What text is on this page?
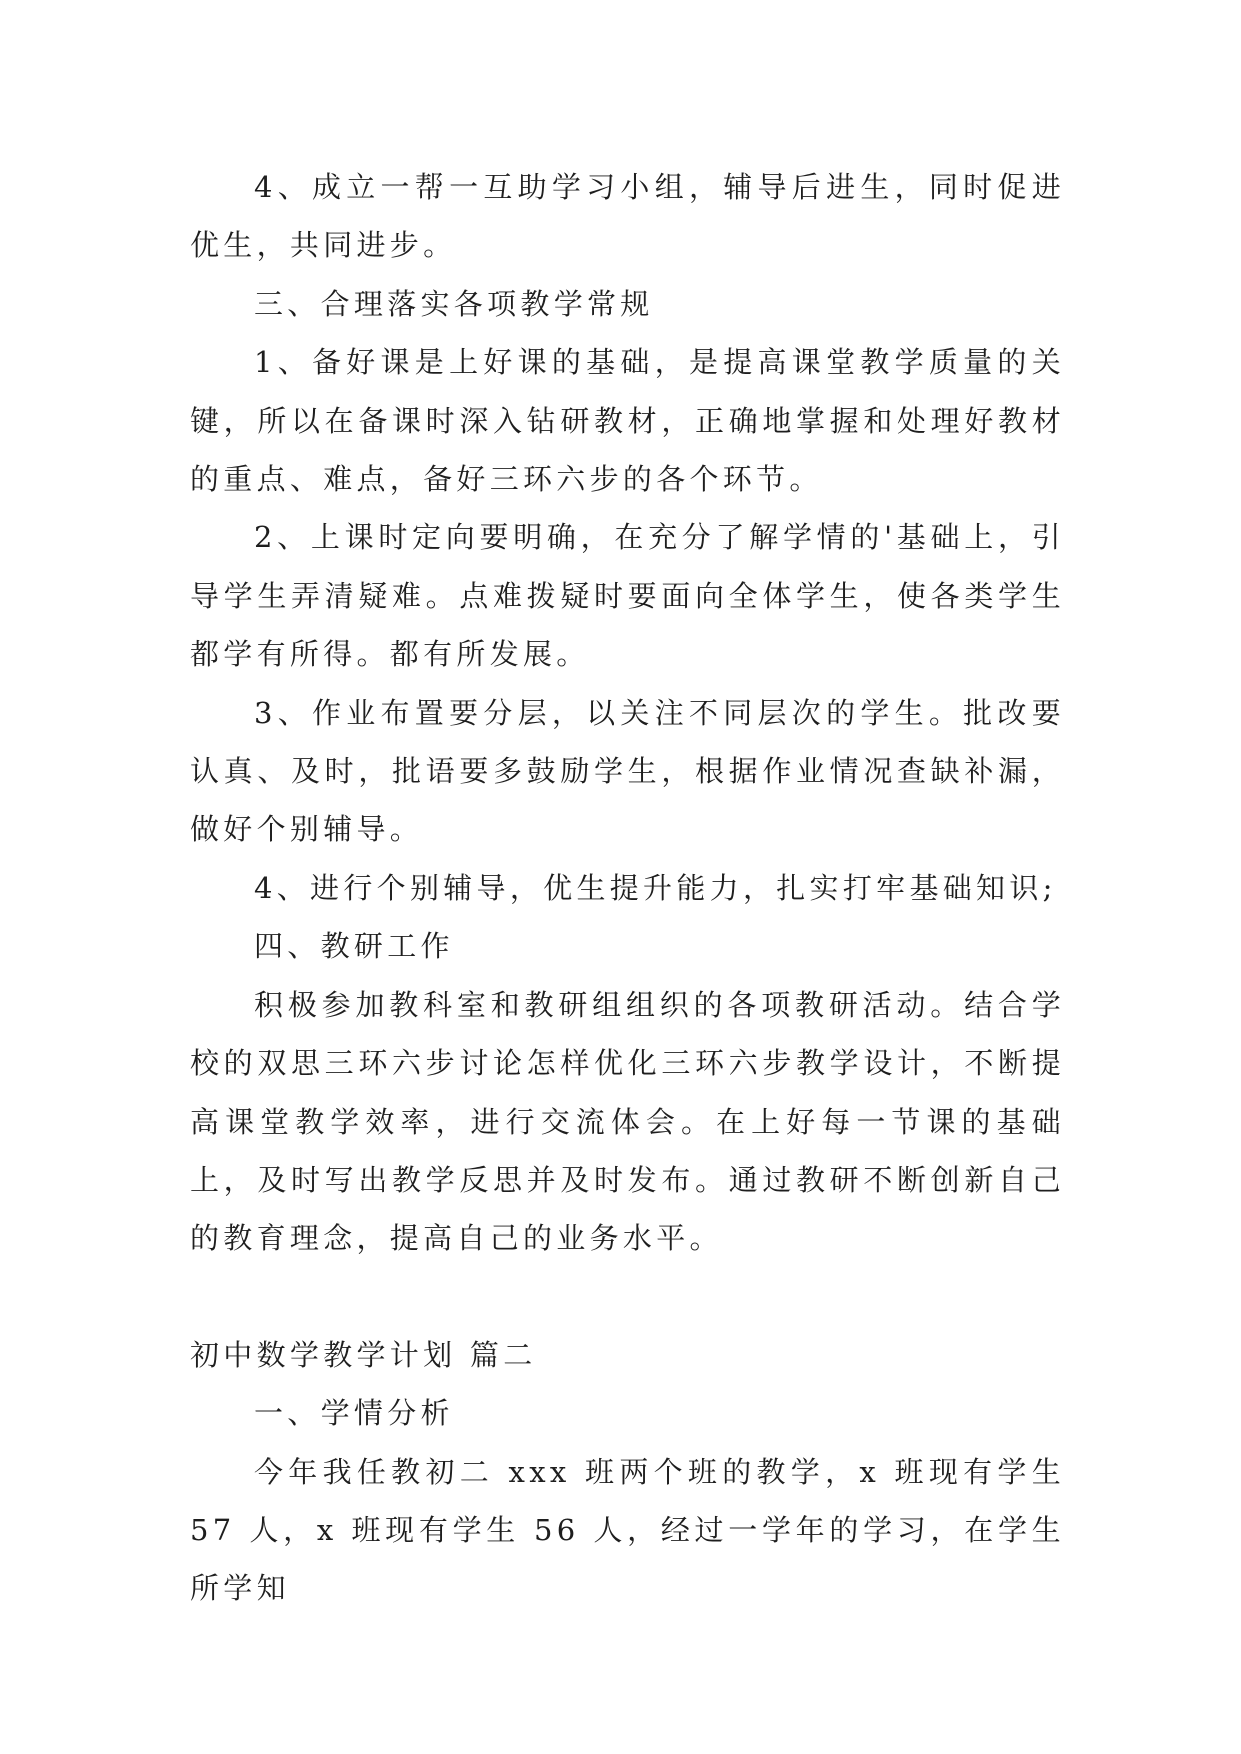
4、成立一帮一互助学习小组，辅导后进生，同时促进优生，共同进步。

三、合理落实各项教学常规

1、备好课是上好课的基础，是提高课堂教学质量的关键，所以在备课时深入钻研教材，正确地掌握和处理好教材的重点、难点，备好三环六步的各个环节。

2、上课时定向要明确，在充分了解学情的'基础上，引导学生弄清疑难。点难拨疑时要面向全体学生，使各类学生都学有所得。都有所发展。

3、作业布置要分层，以关注不同层次的学生。批改要认真、及时，批语要多鼓励学生，根据作业情况查缺补漏，做好个别辅导。

4、进行个别辅导，优生提升能力，扎实打牢基础知识;

四、教研工作

积极参加教科室和教研组组织的各项教研活动。结合学校的双思三环六步讨论怎样优化三环六步教学设计，不断提高课堂教学效率，进行交流体会。在上好每一节课的基础上，及时写出教学反思并及时发布。通过教研不断创新自己的教育理念，提高自己的业务水平。

初中数学教学计划 篇二

一、学情分析

今年我任教初二 xxx 班两个班的教学，x 班现有学生 57 人，x 班现有学生 56 人，经过一学年的学习，在学生所学知
